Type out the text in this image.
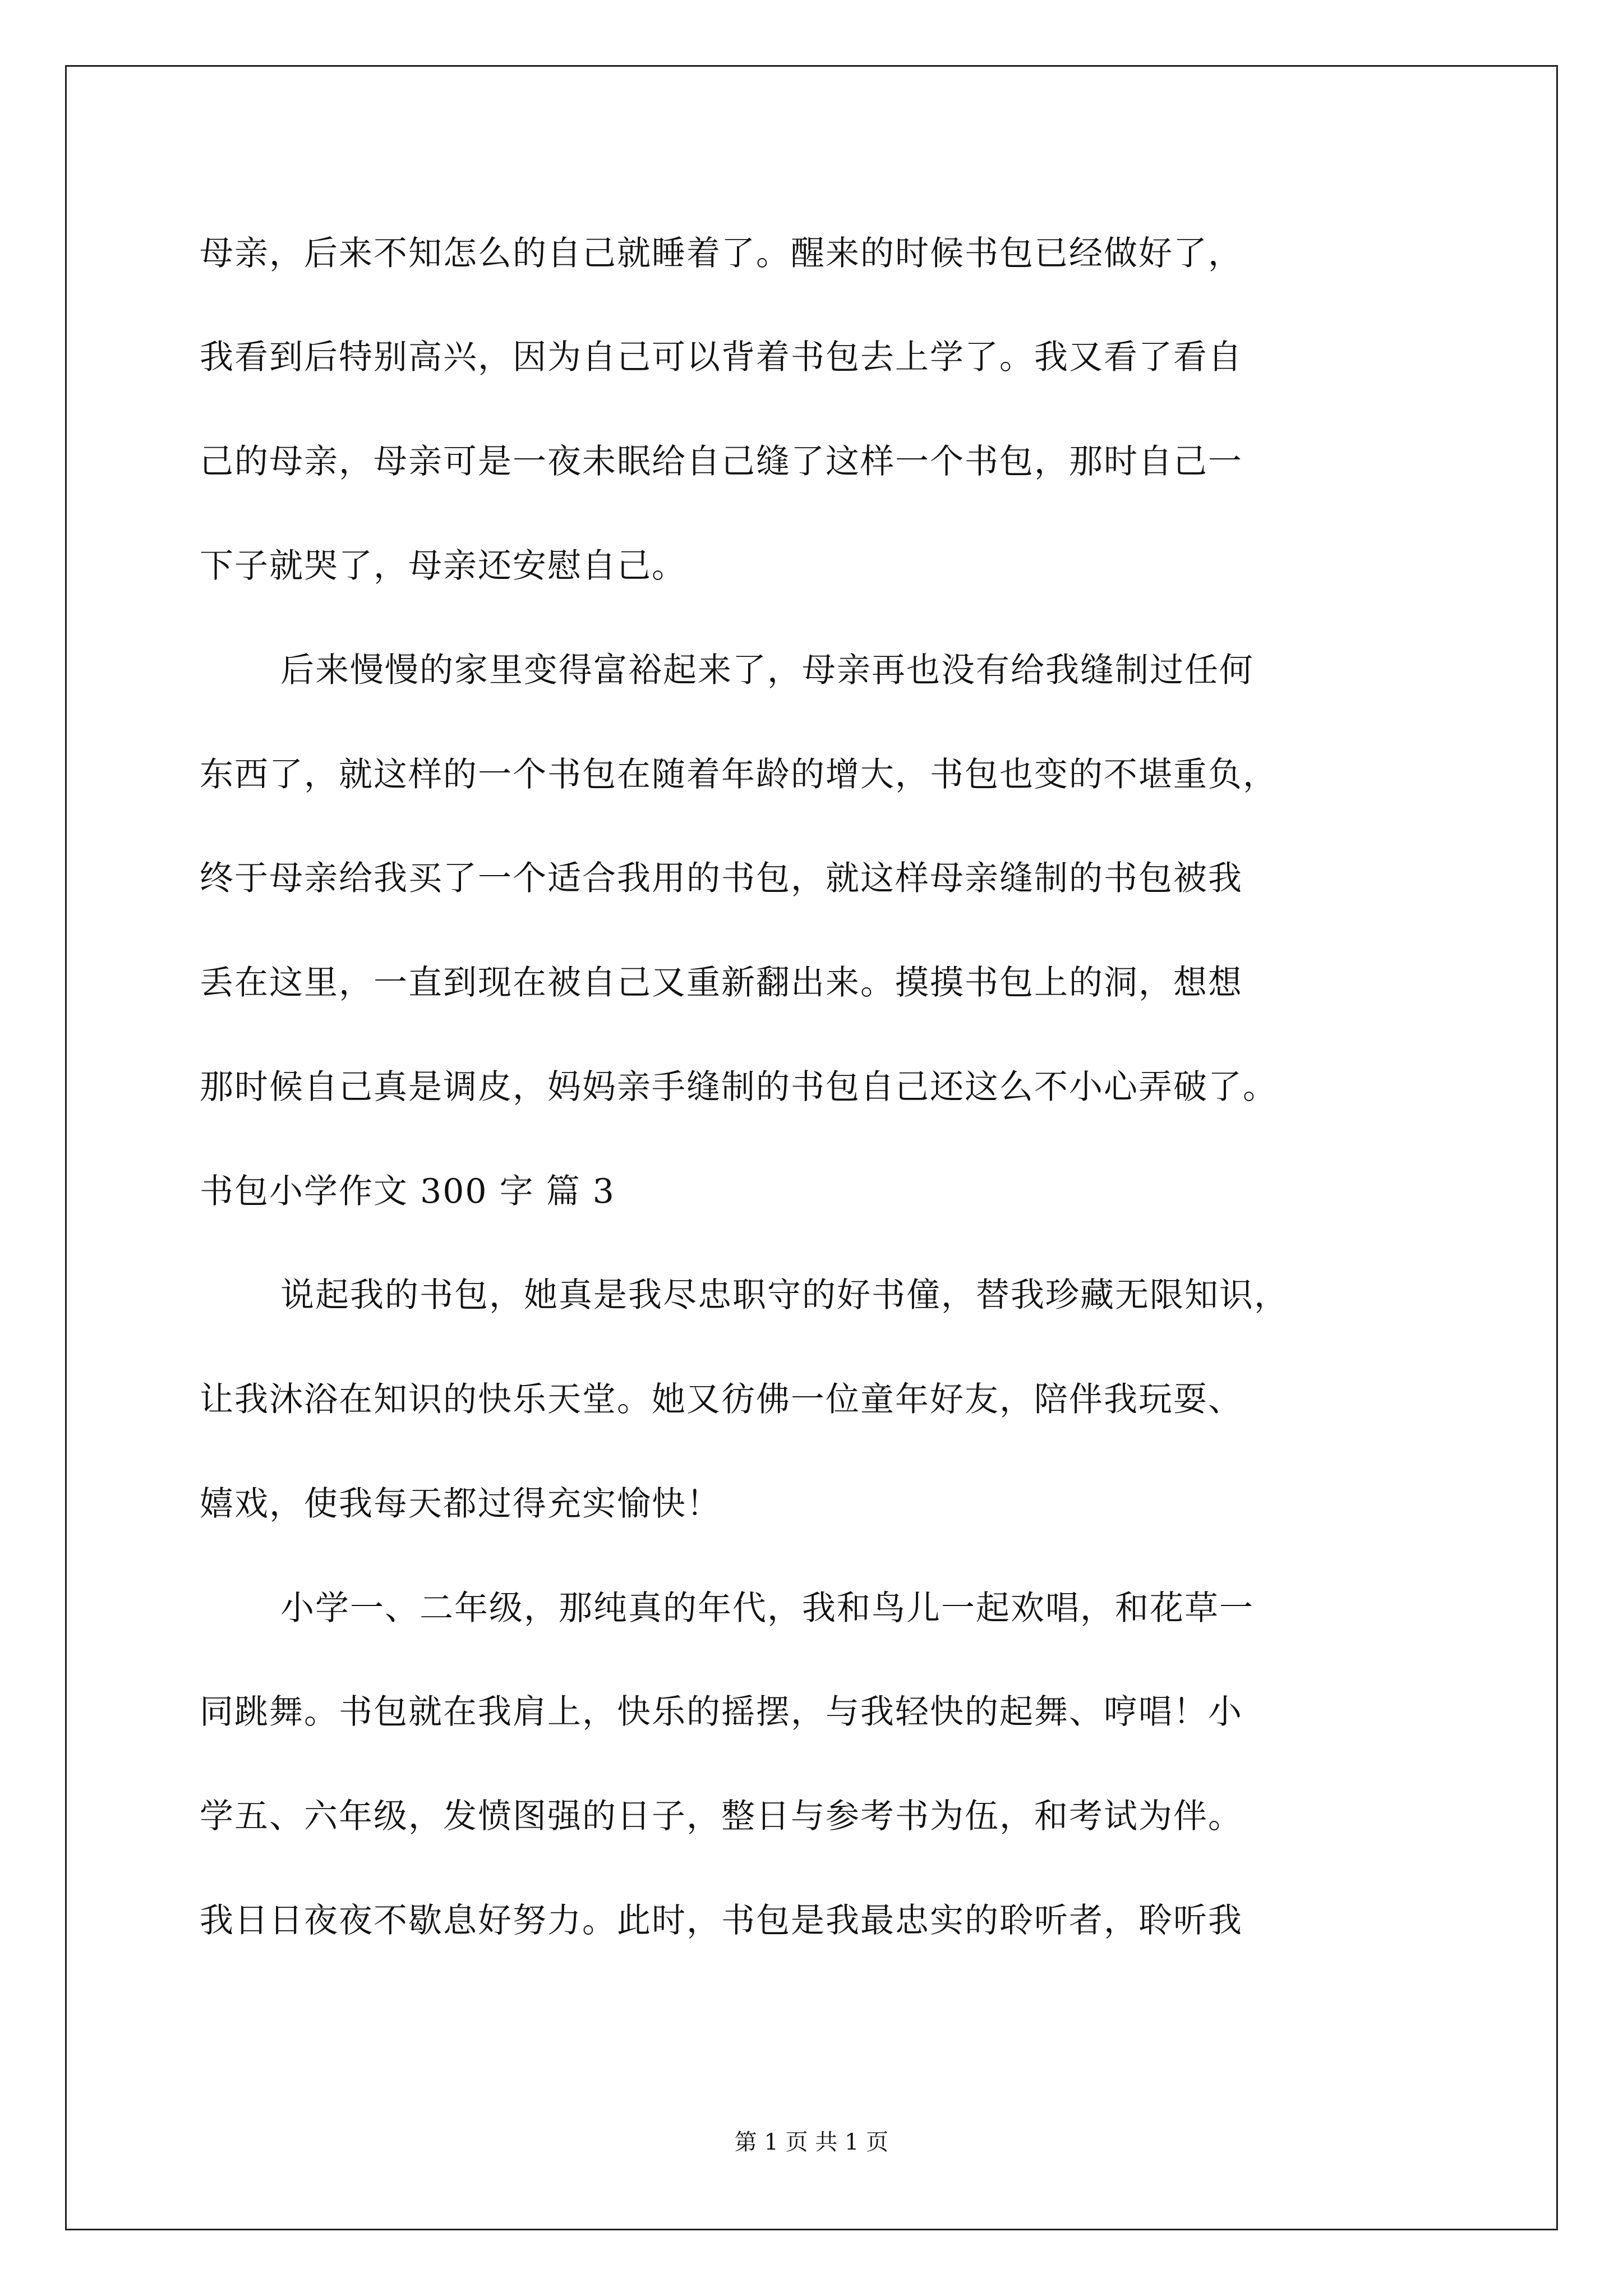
母亲，后来不知怎么的自己就睡着了。醒来的时候书包已经做好了，
我看到后特别高兴，因为自己可以背着书包去上学了。我又看了看自
己的母亲，母亲可是一夜未眠给自己缝了这样一个书包，那时自己一
下子就哭了，母亲还安慰自己。
后来慢慢的家里变得富裕起来了，母亲再也没有给我缝制过任何
东西了，就这样的一个书包在随着年龄的增大，书包也变的不堪重负，
终于母亲给我买了一个适合我用的书包，就这样母亲缝制的书包被我
丢在这里，一直到现在被自己又重新翻出来。摸摸书包上的洞，想想
那时候自己真是调皮，妈妈亲手缝制的书包自己还这么不小心弄破了。
书包小学作文 300 字 篇 3
说起我的书包，她真是我尽忠职守的好书僮，替我珍藏无限知识，
让我沐浴在知识的快乐天堂。她又彷佛一位童年好友，陪伴我玩耍、
嬉戏，使我每天都过得充实愉快！
小学一、二年级，那纯真的年代，我和鸟儿一起欢唱，和花草一
同跳舞。书包就在我肩上，快乐的摇摆，与我轻快的起舞、哼唱！小
学五、六年级，发愤图强的日子，整日与参考书为伍，和考试为伴。
我日日夜夜不歇息好努力。此时，书包是我最忠实的聆听者，聆听我
第 1 页 共 1 页
